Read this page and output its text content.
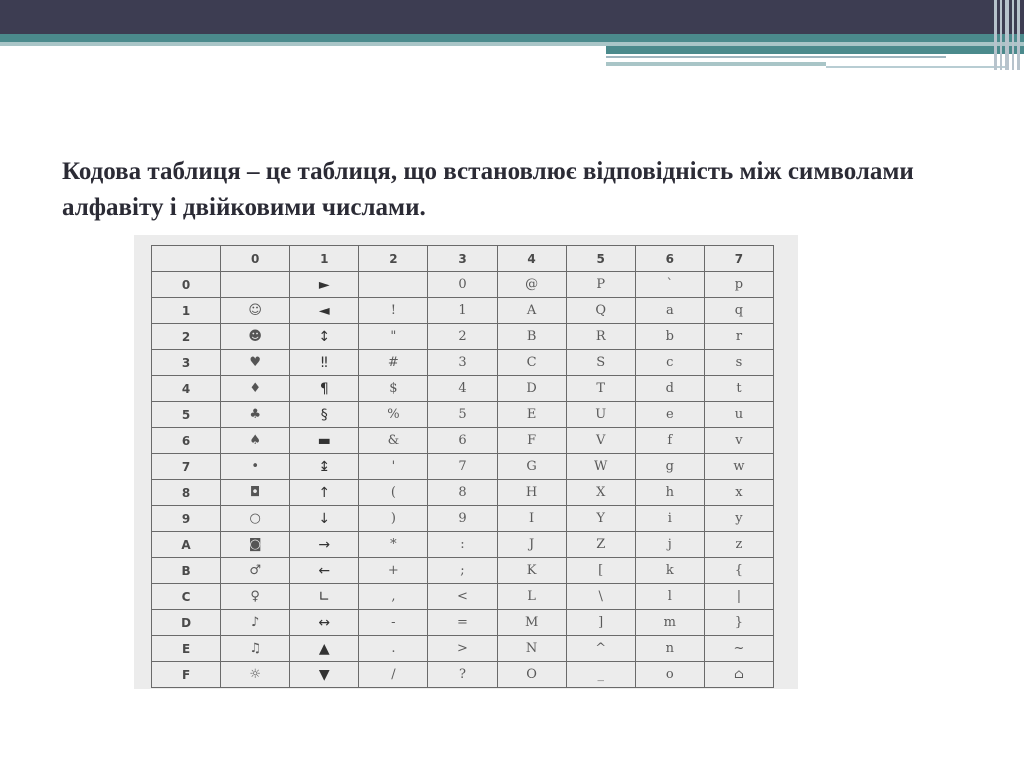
Кодова таблиця – це таблиця, що встановлює відповідність між символами алфавіту і двійковими числами.
	0	1	2	3	4	5	6	7
0		►		0	@	P	`	p
1	☺	◄	!	1	A	Q	a	q
2	☻	↕	"	2	B	R	b	r
3	♥	‼	#	3	C	S	c	s
4	♦	¶	$	4	D	T	d	t
5	♣	§	%	5	E	U	e	u
6	♠	▬	&	6	F	V	f	v
7	•	↨	'	7	G	W	g	w
8	◘	↑	(	8	H	X	h	x
9	○	↓	)	9	I	Y	i	y
A	◙	→	*	:	J	Z	j	z
B	♂	←	+	;	K	[	k	{
C	♀	∟	,	<	L	\	l	|
D	♪	↔	-	=	M	]	m	}
E	♫	▲	.	>	N	^	n	~
F	☼	▼	/	?	O	_	o	⌂
